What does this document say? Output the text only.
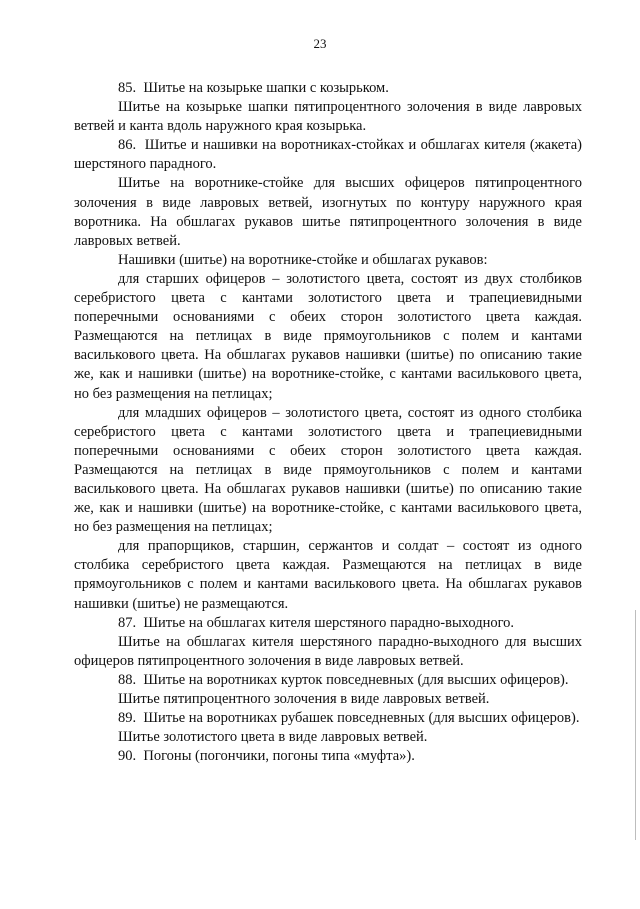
23

85.  Шитье на козырьке шапки с козырьком.

Шитье на козырьке шапки пятипроцентного золочения в виде лавровых ветвей и канта вдоль наружного края козырька.

86.  Шитье и нашивки на воротниках-стойках и обшлагах кителя (жакета) шерстяного парадного.

Шитье на воротнике-стойке для высших офицеров пятипроцентного золочения в виде лавровых ветвей, изогнутых по контуру наружного края воротника. На обшлагах рукавов шитье пятипроцентного золочения в виде лавровых ветвей.

Нашивки (шитье) на воротнике-стойке и обшлагах рукавов:

для старших офицеров – золотистого цвета, состоят из двух столбиков серебристого цвета с кантами золотистого цвета и трапециевидными поперечными основаниями с обеих сторон золотистого цвета каждая. Размещаются на петлицах в виде прямоугольников с полем и кантами василькового цвета. На обшлагах рукавов нашивки (шитье) по описанию такие же, как и нашивки (шитье) на воротнике-стойке, с кантами василькового цвета, но без размещения на петлицах;

для младших офицеров – золотистого цвета, состоят из одного столбика серебристого цвета с кантами золотистого цвета и трапециевидными поперечными основаниями с обеих сторон золотистого цвета каждая. Размещаются на петлицах в виде прямоугольников с полем и кантами василькового цвета. На обшлагах рукавов нашивки (шитье) по описанию такие же, как и нашивки (шитье) на воротнике-стойке, с кантами василькового цвета, но без размещения на петлицах;

для прапорщиков, старшин, сержантов и солдат – состоят из одного столбика серебристого цвета каждая. Размещаются на петлицах в виде прямоугольников с полем и кантами василькового цвета. На обшлагах рукавов нашивки (шитье) не размещаются.

87.  Шитье на обшлагах кителя шерстяного парадно-выходного.

Шитье на обшлагах кителя шерстяного парадно-выходного для высших офицеров пятипроцентного золочения в виде лавровых ветвей.

88.  Шитье на воротниках курток повседневных (для высших офицеров).

Шитье пятипроцентного золочения в виде лавровых ветвей.

89.  Шитье на воротниках рубашек повседневных (для высших офицеров).

Шитье золотистого цвета в виде лавровых ветвей.

90.  Погоны (погончики, погоны типа «муфта»).
